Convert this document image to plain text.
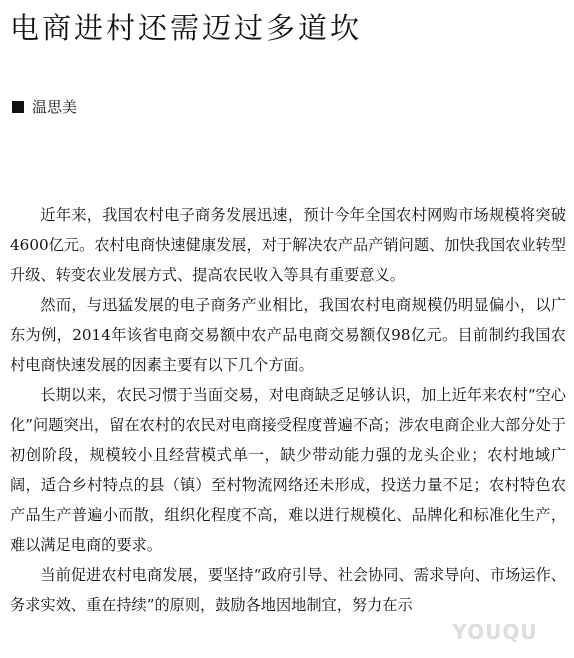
电商进村还需迈过多道坎
温思美

近年来，我国农村电子商务发展迅速，预计今年全国农村网购市场规模将突破4600亿元。农村电商快速健康发展，对于解决农产品产销问题、加快我国农业转型升级、转变农业发展方式、提高农民收入等具有重要意义。

然而，与迅猛发展的电子商务产业相比，我国农村电商规模仍明显偏小，以广东为例，2014年该省电商交易额中农产品电商交易额仅98亿元。目前制约我国农村电商快速发展的因素主要有以下几个方面。

长期以来，农民习惯于当面交易，对电商缺乏足够认识，加上近年来农村“空心化”问题突出，留在农村的农民对电商接受程度普遍不高；涉农电商企业大部分处于初创阶段，规模较小且经营模式单一，缺少带动能力强的龙头企业；农村地域广阔，适合乡村特点的县（镇）至村物流网络还未形成，投送力量不足；农村特色农产品生产普遍小而散，组织化程度不高，难以进行规模化、品牌化和标准化生产，难以满足电商的要求。

当前促进农村电商发展，要坚持“政府引导、社会协同、需求导向、市场运作、务求实效、重在持续”的原则，鼓励各地因地制宜，努力在示

YOUQU
